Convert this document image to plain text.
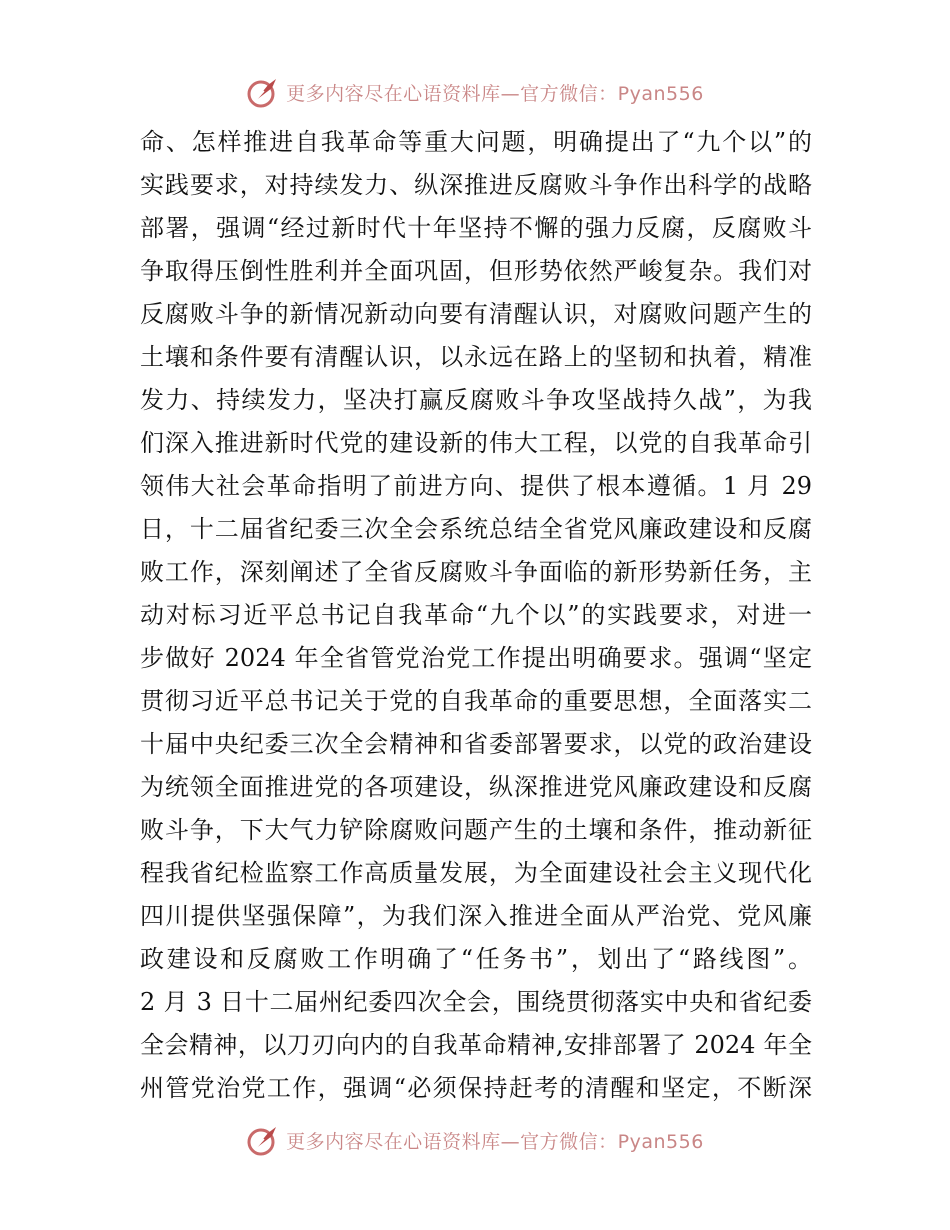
更多内容尽在心语资料库—官方微信：Pyan556
命、怎样推进自我革命等重大问题，明确提出了“九个以”的
实践要求，对持续发力、纵深推进反腐败斗争作出科学的战略
部署，强调“经过新时代十年坚持不懈的强力反腐，反腐败斗
争取得压倒性胜利并全面巩固，但形势依然严峻复杂。我们对
反腐败斗争的新情况新动向要有清醒认识，对腐败问题产生的
土壤和条件要有清醒认识，以永远在路上的坚韧和执着，精准
发力、持续发力，坚决打赢反腐败斗争攻坚战持久战”，为我
们深入推进新时代党的建设新的伟大工程，以党的自我革命引
领伟大社会革命指明了前进方向、提供了根本遵循。1 月 29
日，十二届省纪委三次全会系统总结全省党风廉政建设和反腐
败工作，深刻阐述了全省反腐败斗争面临的新形势新任务，主
动对标习近平总书记自我革命“九个以”的实践要求，对进一
步做好 2024 年全省管党治党工作提出明确要求。强调“坚定
贯彻习近平总书记关于党的自我革命的重要思想，全面落实二
十届中央纪委三次全会精神和省委部署要求，以党的政治建设
为统领全面推进党的各项建设，纵深推进党风廉政建设和反腐
败斗争，下大气力铲除腐败问题产生的土壤和条件，推动新征
程我省纪检监察工作高质量发展，为全面建设社会主义现代化
四川提供坚强保障”，为我们深入推进全面从严治党、党风廉
政建设和反腐败工作明确了“任务书”，划出了“路线图”。
2 月 3 日十二届州纪委四次全会，围绕贯彻落实中央和省纪委
全会精神，以刀刃向内的自我革命精神,安排部署了 2024 年全
州管党治党工作，强调“必须保持赶考的清醒和坚定，不断深
更多内容尽在心语资料库—官方微信：Pyan556
